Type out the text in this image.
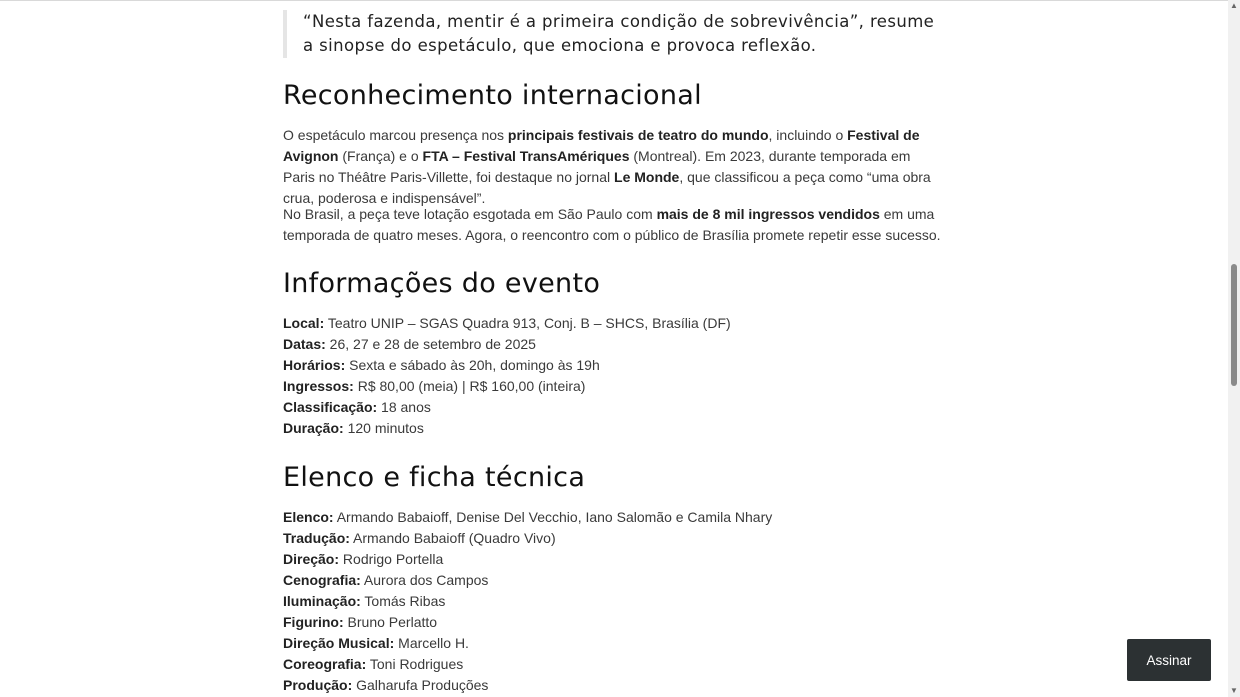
“Nesta fazenda, mentir é a primeira condição de sobrevivência”, resume a sinopse do espetáculo, que emociona e provoca reflexão.
Reconhecimento internacional

O espetáculo marcou presença nos principais festivais de teatro do mundo, incluindo o Festival de Avignon (França) e o FTA – Festival TransAmériques (Montreal). Em 2023, durante temporada em Paris no Théâtre Paris-Villette, foi destaque no jornal Le Monde, que classificou a peça como “uma obra crua, poderosa e indispensável”.

No Brasil, a peça teve lotação esgotada em São Paulo com mais de 8 mil ingressos vendidos em uma temporada de quatro meses. Agora, o reencontro com o público de Brasília promete repetir esse sucesso.

Informações do evento
Local: Teatro UNIP – SGAS Quadra 913, Conj. B – SHCS, Brasília (DF)
Datas: 26, 27 e 28 de setembro de 2025
Horários: Sexta e sábado às 20h, domingo às 19h
Ingressos: R$ 80,00 (meia) | R$ 160,00 (inteira)
Classificação: 18 anos
Duração: 120 minutos
Elenco e ficha técnica
Elenco: Armando Babaioff, Denise Del Vecchio, Iano Salomão e Camila Nhary
Tradução: Armando Babaioff (Quadro Vivo)
Direção: Rodrigo Portella
Cenografia: Aurora dos Campos
Iluminação: Tomás Ribas
Figurino: Bruno Perlatto
Direção Musical: Marcello H.
Coreografia: Toni Rodrigues
Produção: Galharufa Produções
Assinar
▲
▼
